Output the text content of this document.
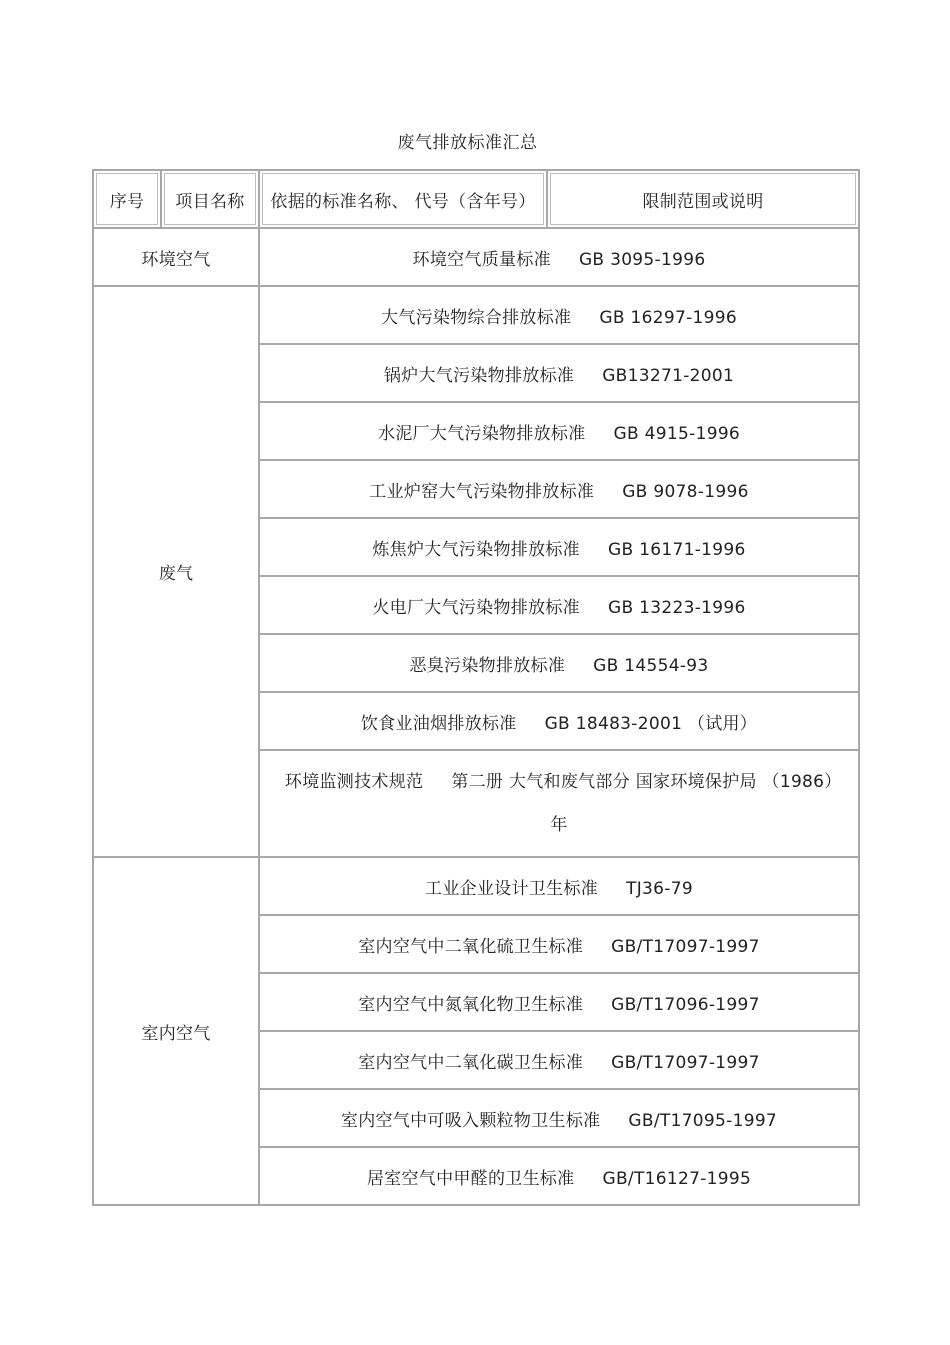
废气排放标准汇总
序号	项目名称	依据的标准名称、 代号（含年号）	限制范围或说明
环境空气		环境空气质量标准 GB 3095-1996	
废气		大气污染物综合排放标准 GB 16297-1996	
		锅炉大气污染物排放标准 GB13271-2001	
		水泥厂大气污染物排放标准 GB 4915-1996	
		工业炉窑大气污染物排放标准 GB 9078-1996	
		炼焦炉大气污染物排放标准 GB 16171-1996	
		火电厂大气污染物排放标准 GB 13223-1996	
		恶臭污染物排放标准 GB 14554-93	
		饮食业油烟排放标准 GB 18483-2001 （试用）	
		环境监测技术规范 第二册 大气和废气部分 国家环境保护局 （1986）年	
室内空气		工业企业设计卫生标准 TJ36-79	
		室内空气中二氧化硫卫生标准 GB/T17097-1997	
		室内空气中氮氧化物卫生标准 GB/T17096-1997	
		室内空气中二氧化碳卫生标准 GB/T17097-1997	
		室内空气中可吸入颗粒物卫生标准 GB/T17095-1997	
		居室空气中甲醛的卫生标准 GB/T16127-1995	
